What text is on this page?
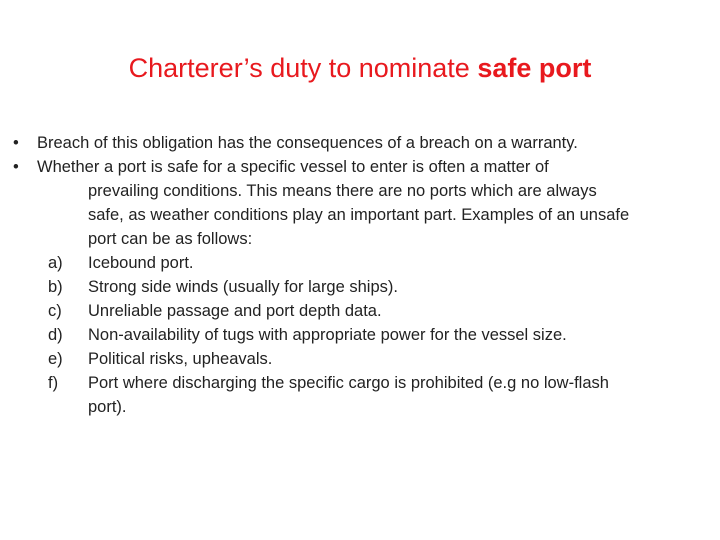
Charterer’s duty to nominate safe port
•	Breach of this obligation has the consequences of a breach on a warranty.
•	Whether a port is safe for a specific vessel to enter is often a matter of
prevailing conditions. This means there are no ports which are always
safe, as weather conditions play an important part. Examples of an unsafe
port can be as follows:
a)	Icebound port.
b)	Strong side winds (usually for large ships).
c)	Unreliable passage and port depth data.
d)	Non-availability of tugs with appropriate power for the vessel size.
e)	Political risks, upheavals.
f)	Port where discharging the specific cargo is prohibited (e.g no low-flash
port).
